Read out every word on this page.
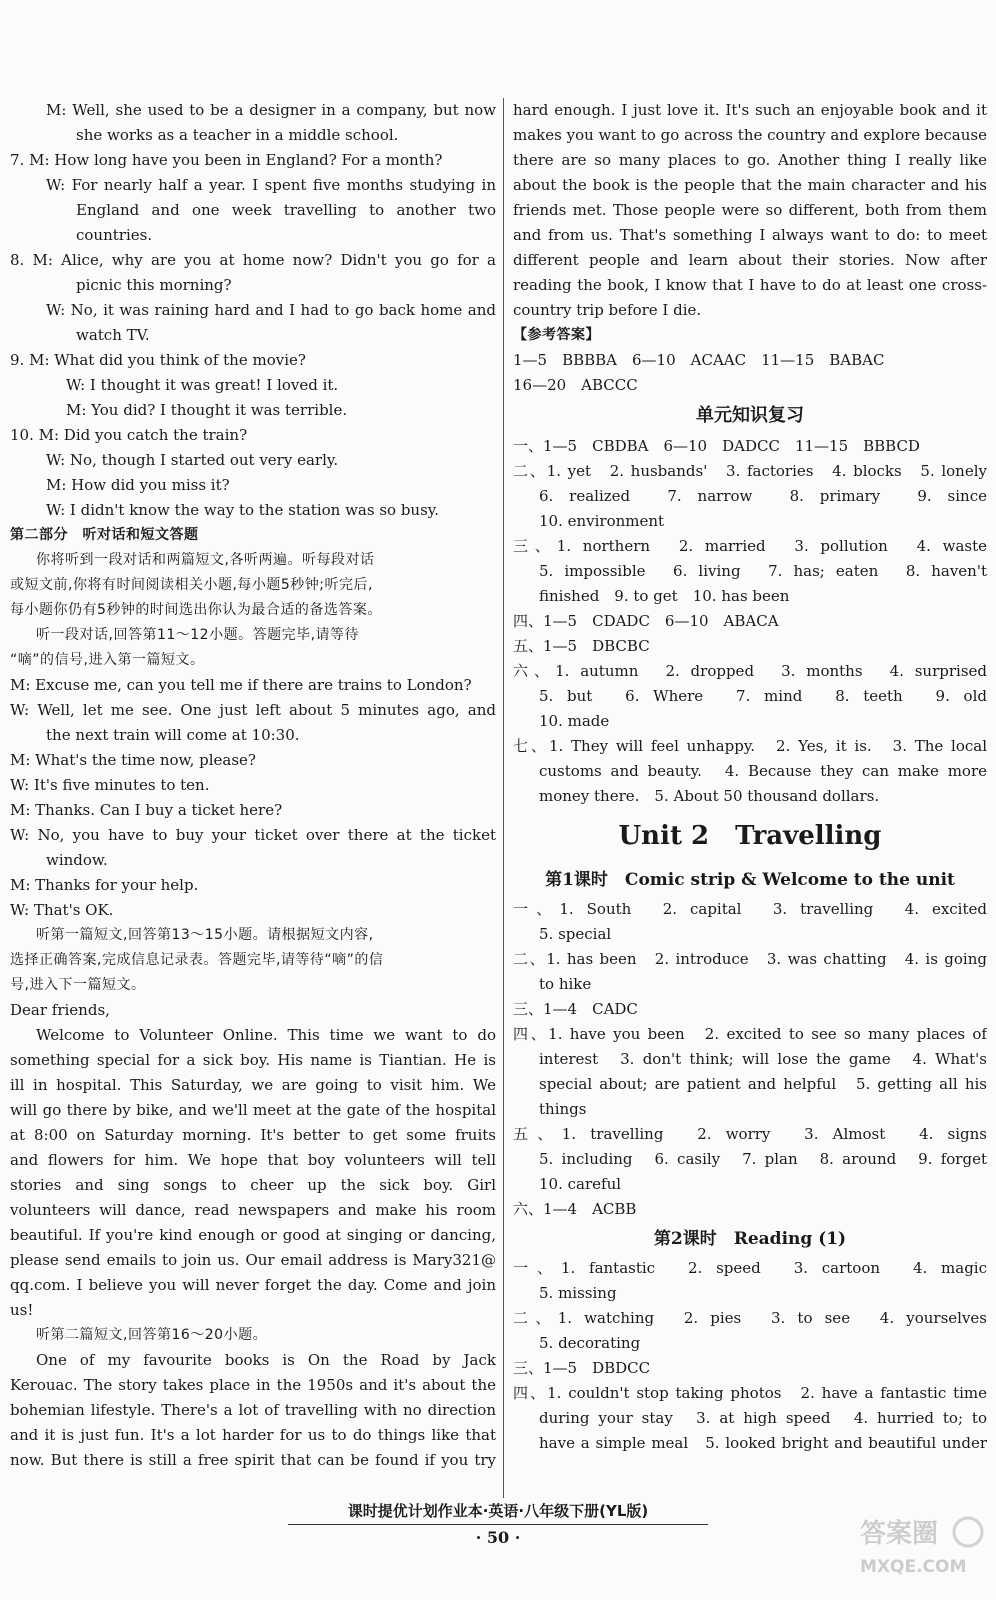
M: Well, she used to be a designer in a company, but now
she works as a teacher in a middle school.
7. M: How long have you been in England? For a month?
W: For nearly half a year. I spent five months studying in
England and one week travelling to another two
countries.
8. M: Alice, why are you at home now? Didn't you go for a
picnic this morning?
W: No, it was raining hard and I had to go back home and
watch TV.
9. M: What did you think of the movie?
W: I thought it was great! I loved it.
M: You did? I thought it was terrible.
10. M: Did you catch the train?
W: No, though I started out very early.
M: How did you miss it?
W: I didn't know the way to the station was so busy.
第二部分　听对话和短文答题
你将听到一段对话和两篇短文,各听两遍。听每段对话
或短文前,你将有时间阅读相关小题,每小题5秒钟;听完后,
每小题你仍有5秒钟的时间选出你认为最合适的备选答案。
听一段对话,回答第11～12小题。答题完毕,请等待
“嘀”的信号,进入第一篇短文。
M: Excuse me, can you tell me if there are trains to London?
W: Well, let me see. One just left about 5 minutes ago, and
the next train will come at 10:30.
M: What's the time now, please?
W: It's five minutes to ten.
M: Thanks. Can I buy a ticket here?
W: No, you have to buy your ticket over there at the ticket
window.
M: Thanks for your help.
W: That's OK.
听第一篇短文,回答第13～15小题。请根据短文内容,
选择正确答案,完成信息记录表。答题完毕,请等待“嘀”的信
号,进入下一篇短文。
Dear friends,
Welcome to Volunteer Online. This time we want to do
something special for a sick boy. His name is Tiantian. He is
ill in hospital. This Saturday, we are going to visit him. We
will go there by bike, and we'll meet at the gate of the hospital
at 8:00 on Saturday morning. It's better to get some fruits
and flowers for him. We hope that boy volunteers will tell
stories and sing songs to cheer up the sick boy. Girl
volunteers will dance, read newspapers and make his room
beautiful. If you're kind enough or good at singing or dancing,
please send emails to join us. Our email address is Mary321@
qq.com. I believe you will never forget the day. Come and join
us!
听第二篇短文,回答第16～20小题。
One of my favourite books is On the Road by Jack
Kerouac. The story takes place in the 1950s and it's about the
bohemian lifestyle. There's a lot of travelling with no direction
and it is just fun. It's a lot harder for us to do things like that
now. But there is still a free spirit that can be found if you try
hard enough. I just love it. It's such an enjoyable book and it
makes you want to go across the country and explore because
there are so many places to go. Another thing I really like
about the book is the people that the main character and his
friends met. Those people were so different, both from them
and from us. That's something I always want to do: to meet
different people and learn about their stories. Now after
reading the book, I know that I have to do at least one cross-
country trip before I die.
【参考答案】
1—5　BBBBA　6—10　ACAAC　11—15　BABAC
16—20　ABCCC
单元知识复习
一、1—5　CBDBA　6—10　DADCC　11—15　BBBCD
二、1. yet　2. husbands'　3. factories　4. blocks　5. lonely
6. realized　7. narrow　8. primary　9. since
10. environment
三、1. northern　2. married　3. pollution　4. waste
5. impossible　6. living　7. has; eaten　8. haven't
finished　9. to get　10. has been
四、1—5　CDADC　6—10　ABACA
五、1—5　DBCBC
六、1. autumn　2. dropped　3. months　4. surprised
5. but　6. Where　7. mind　8. teeth　9. old
10. made
七、1. They will feel unhappy.　2. Yes, it is.　3. The local
customs and beauty.　4. Because they can make more
money there.　5. About 50 thousand dollars.
Unit 2　Travelling
第1课时　Comic strip & Welcome to the unit
一、1. South　2. capital　3. travelling　4. excited
5. special
二、1. has been　2. introduce　3. was chatting　4. is going
to hike
三、1—4　CADC
四、1. have you been　2. excited to see so many places of
interest　3. don't think; will lose the game　4. What's
special about; are patient and helpful　5. getting all his
things
五、1. travelling　2. worry　3. Almost　4. signs
5. including　6. casily　7. plan　8. around　9. forget
10. careful
六、1—4　ACBB
第2课时　Reading (1)
一、1. fantastic　2. speed　3. cartoon　4. magic
5. missing
二、1. watching　2. pies　3. to see　4. yourselves
5. decorating
三、1—5　DBDCC
四、1. couldn't stop taking photos　2. have a fantastic time
during your stay　3. at high speed　4. hurried to; to
have a simple meal　5. looked bright and beautiful under
课时提优计划作业本·英语·八年级下册(YL版)
· 50 ·	答案圈
MXQE.COM
